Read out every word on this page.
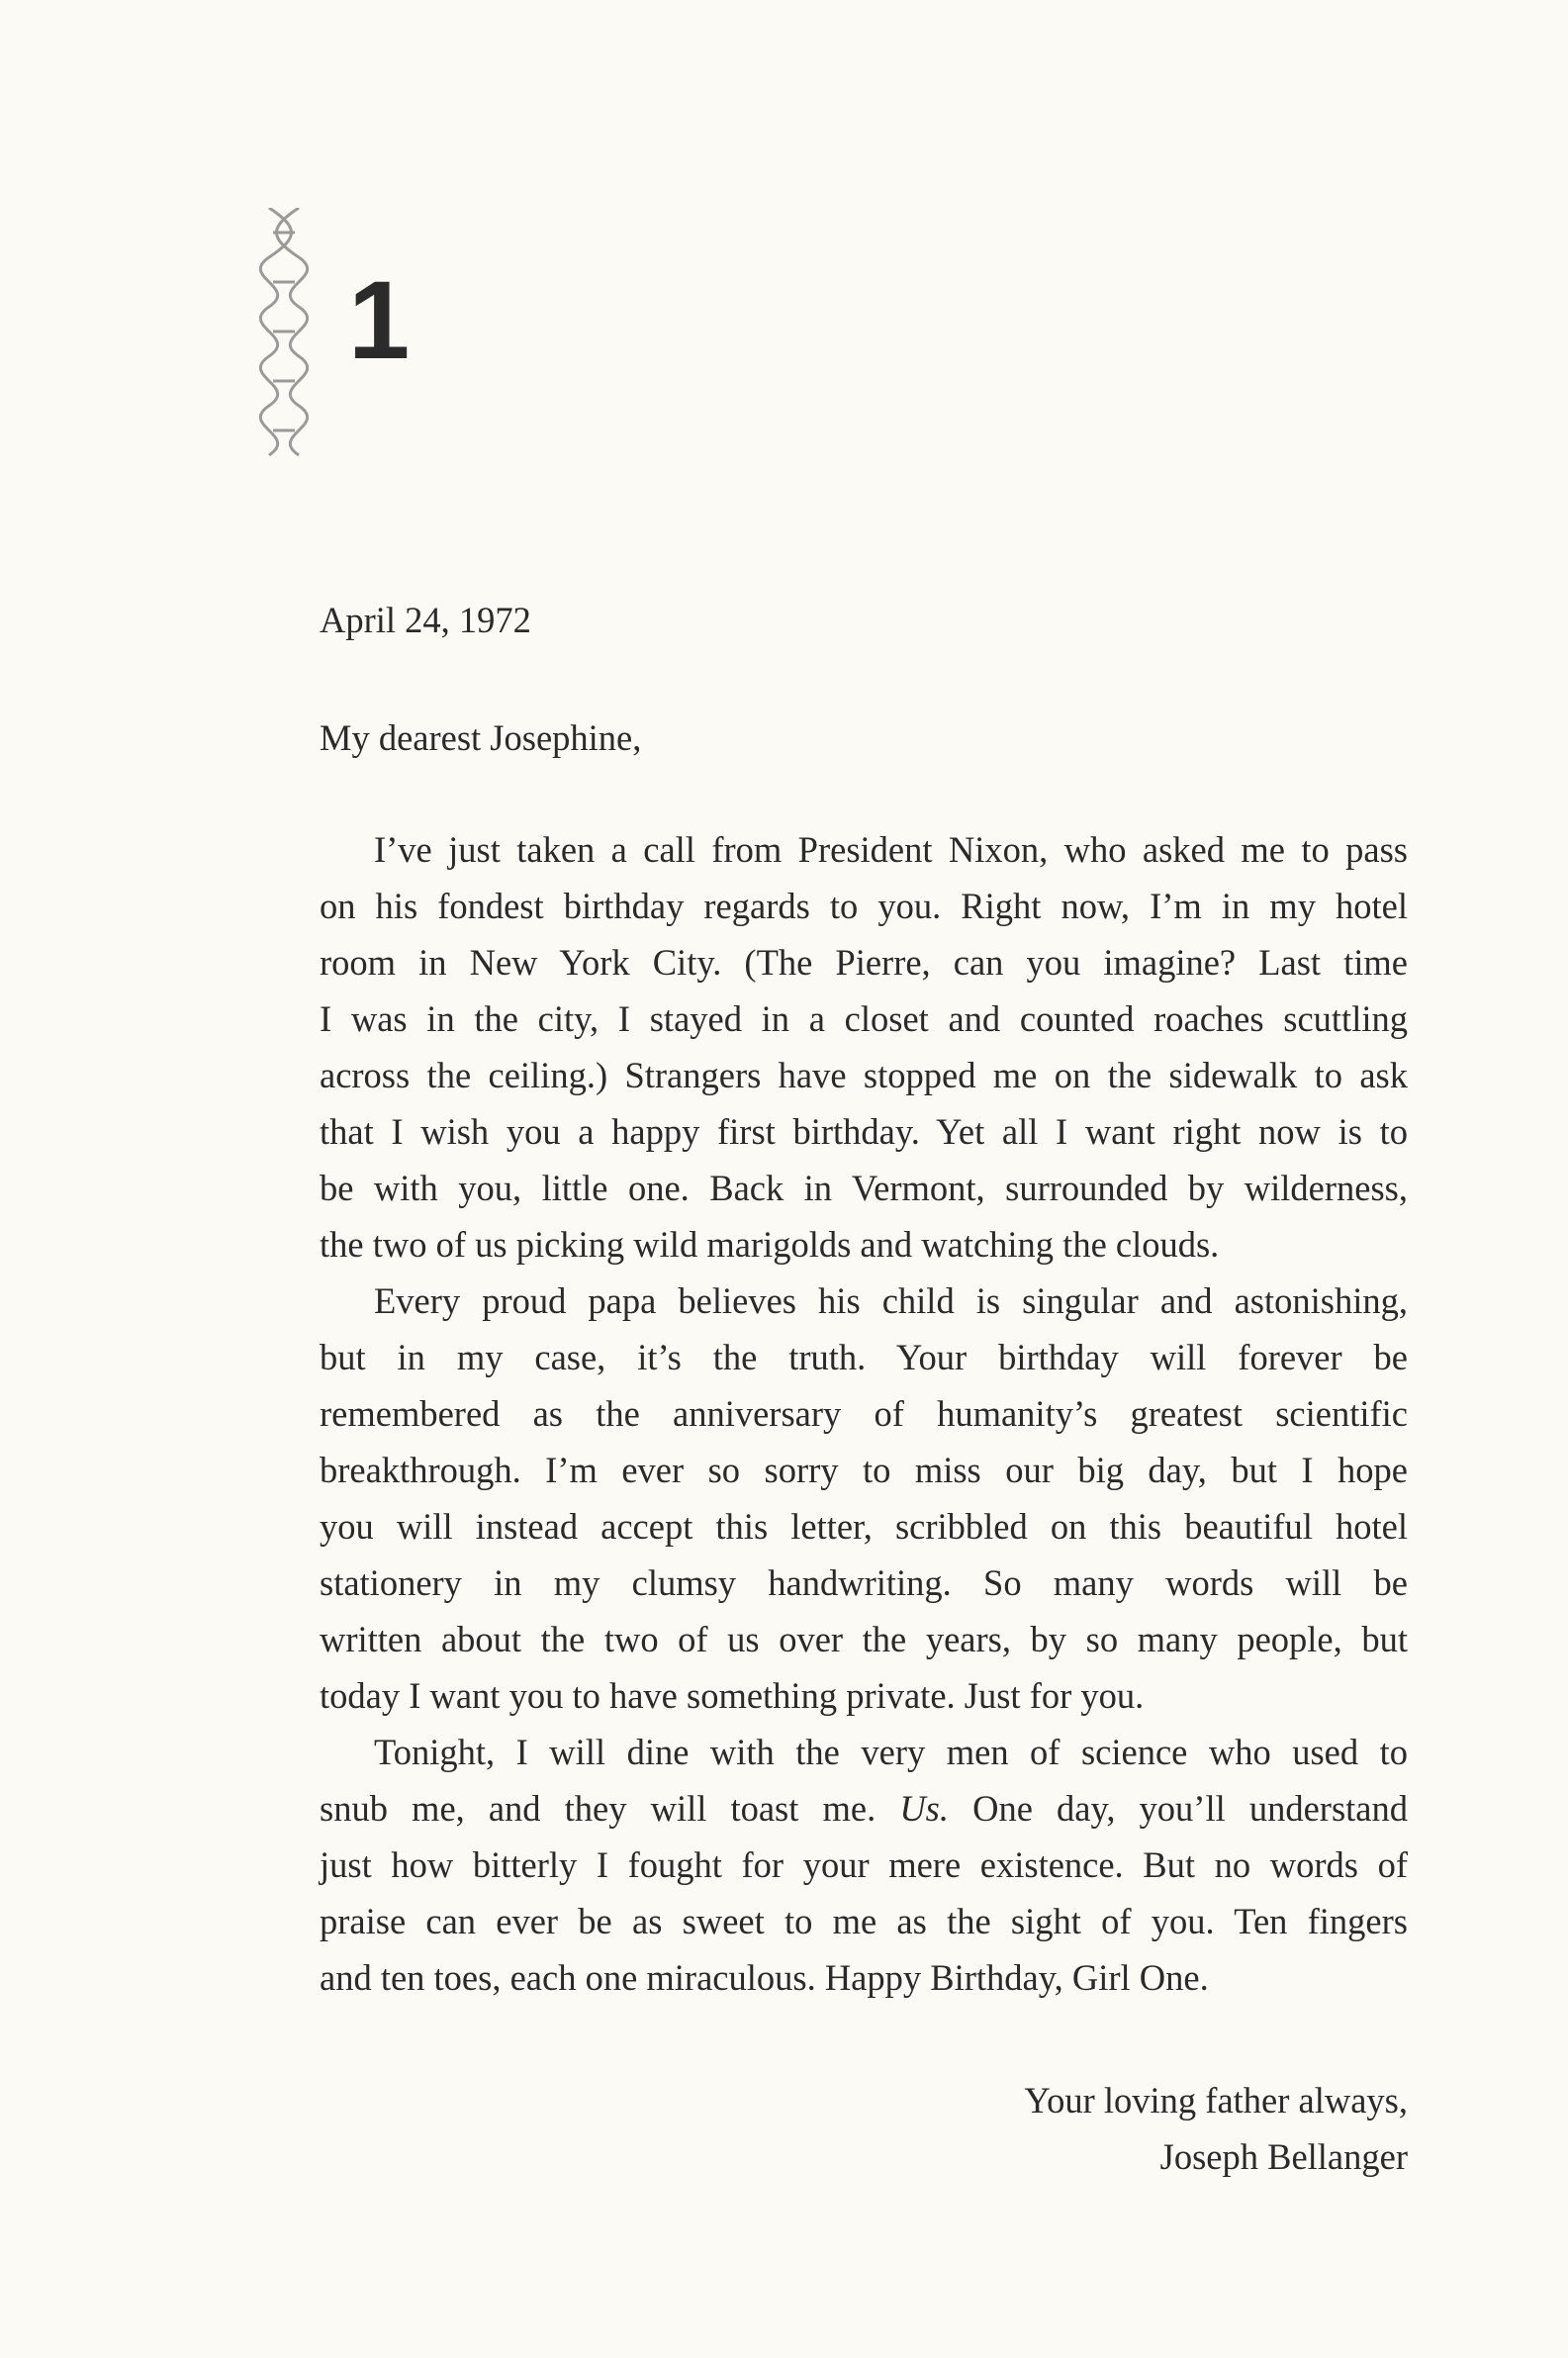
1
April 24, 1972
My dearest Josephine,
I’ve just taken a call from President Nixon, who asked me to pass
on his fondest birthday regards to you. Right now, I’m in my hotel
room in New York City. (The Pierre, can you imagine? Last time
I was in the city, I stayed in a closet and counted roaches scuttling
across the ceiling.) Strangers have stopped me on the sidewalk to ask
that I wish you a happy first birthday. Yet all I want right now is to
be with you, little one. Back in Vermont, surrounded by wilderness,
the two of us picking wild marigolds and watching the clouds.
Every proud papa believes his child is singular and astonishing,
but in my case, it’s the truth. Your birthday will forever be
remembered as the anniversary of humanity’s greatest scientific
breakthrough. I’m ever so sorry to miss our big day, but I hope
you will instead accept this letter, scribbled on this beautiful hotel
stationery in my clumsy handwriting. So many words will be
written about the two of us over the years, by so many people, but
today I want you to have something private. Just for you.
Tonight, I will dine with the very men of science who used to
snub me, and they will toast me. Us. One day, you’ll understand
just how bitterly I fought for your mere existence. But no words of
praise can ever be as sweet to me as the sight of you. Ten fingers
and ten toes, each one miraculous. Happy Birthday, Girl One.
Your loving father always,
Joseph Bellanger
